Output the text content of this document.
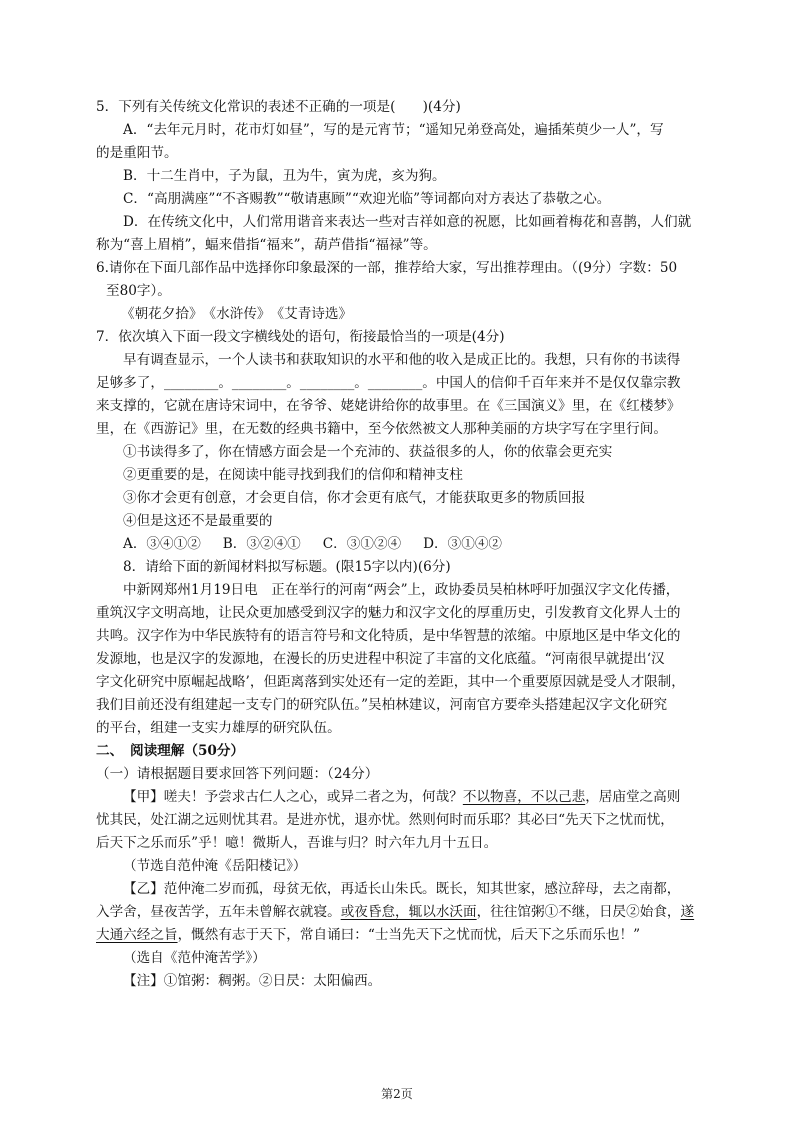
5．下列有关传统文化常识的表述不正确的一项是(　　)(4分)
A．“去年元月时，花市灯如昼”，写的是元宵节；“遥知兄弟登高处，遍插茱萸少一人”，写
的是重阳节。
B．十二生肖中，子为鼠，丑为牛，寅为虎，亥为狗。
C．“高朋满座”“不吝赐教”“敬请惠顾”“欢迎光临”等词都向对方表达了恭敬之心。
D．在传统文化中，人们常用谐音来表达一些对吉祥如意的祝愿，比如画着梅花和喜鹊，人们就
称为“喜上眉梢”，蝠来借指“福来”，葫芦借指“福禄”等。
6.请你在下面几部作品中选择你印象最深的一部，推荐给大家，写出推荐理由。（(9分）字数：50
至80字）。
《朝花夕拾》　《水浒传》　《艾青诗选》
7．依次填入下面一段文字横线处的语句，衔接最恰当的一项是(4分)
早有调查显示，一个人读书和获取知识的水平和他的收入是成正比的。我想，只有你的书读得
足够多了，________。________。________。________。中国人的信仰千百年来并不是仅仅靠宗教
来支撑的，它就在唐诗宋词中，在爷爷、姥姥讲给你的故事里。在《三国演义》里，在《红楼梦》
里，在《西游记》里，在无数的经典书籍中，至今依然被文人那种美丽的方块字写在字里行间。
①书读得多了，你在情感方面会是一个充沛的、获益很多的人，你的依靠会更充实
②更重要的是，在阅读中能寻找到我们的信仰和精神支柱
③你才会更有创意，才会更自信，你才会更有底气，才能获取更多的物质回报
④但是这还不是最重要的
A．③④①② B．③②④① C．③①②④ D．③①④②
8．请给下面的新闻材料拟写标题。(限15字以内)(6分)
中新网郑州1月19日电　正在举行的河南“两会”上，政协委员吴柏林呼吁加强汉字文化传播，
重筑汉字文明高地，让民众更加感受到汉字的魅力和汉字文化的厚重历史，引发教育文化界人士的
共鸣。汉字作为中华民族特有的语言符号和文化特质，是中华智慧的浓缩。中原地区是中华文化的
发源地，也是汉字的发源地，在漫长的历史进程中积淀了丰富的文化底蕴。“河南很早就提出‘汉
字文化研究中原崛起战略’，但距离落到实处还有一定的差距，其中一个重要原因就是受人才限制，
我们目前还没有组建起一支专门的研究队伍。”吴柏林建议，河南官方要牵头搭建起汉字文化研究
的平台，组建一支实力雄厚的研究队伍。
二、　阅读理解（50分）
（一）请根据题目要求回答下列问题：（24分）
【甲】嗟夫！予尝求古仁人之心，或异二者之为，何哉？不以物喜，不以己悲，居庙堂之高则
忧其民，处江湖之远则忧其君。是进亦忧，退亦忧。然则何时而乐耶？其必曰“先天下之忧而忧，
后天下之乐而乐”乎！噫！微斯人，吾谁与归？时六年九月十五日。
（节选自范仲淹《岳阳楼记》）
【乙】范仲淹二岁而孤，母贫无依，再适长山朱氏。既长，知其世家，感泣辞母，去之南都，
入学舍，昼夜苦学，五年未曾解衣就寝。或夜昏怠，辄以水沃面，往往馆粥①不继，日昃②始食，遂
大通六经之旨，慨然有志于天下，常自诵曰：“士当先天下之忧而忧，后天下之乐而乐也！”
（选自《范仲淹苦学》）
【注】①馆粥：稠粥。②日昃：太阳偏西。
第2页
